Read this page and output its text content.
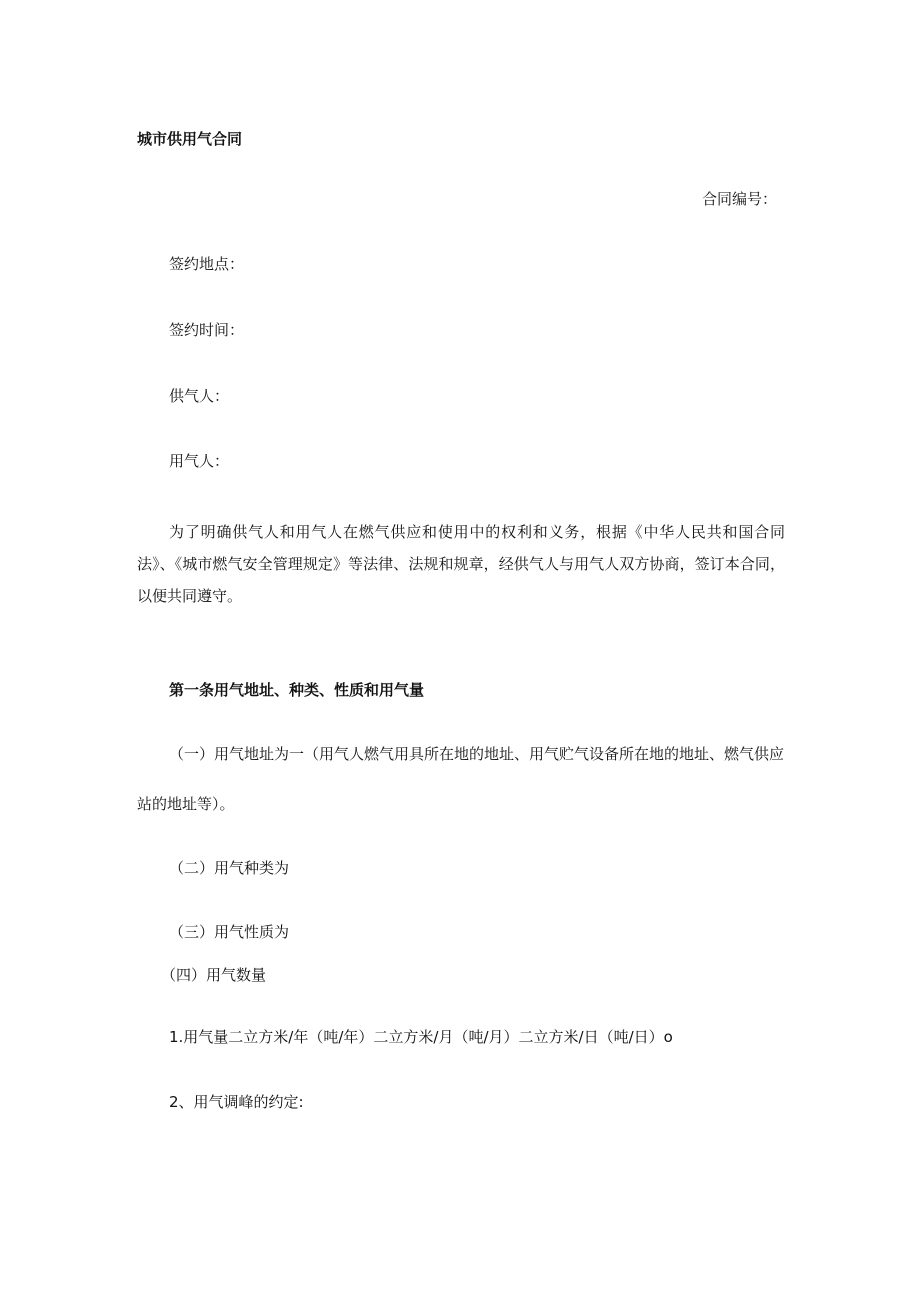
城市供用气合同
合同编号：
签约地点：
签约时间：
供气人：
用气人：
为了明确供气人和用气人在燃气供应和使用中的权利和义务，根据《中华人民共和国合同法》、《城市燃气安全管理规定》等法律、法规和规章，经供气人与用气人双方协商，签订本合同，以便共同遵守。
第一条用气地址、种类、性质和用气量
（一）用气地址为一（用气人燃气用具所在地的地址、用气贮气设备所在地的地址、燃气供应站的地址等）。
（二）用气种类为
（三）用气性质为
（四）用气数量
1.用气量二立方米/年（吨/年）二立方米/月（吨/月）二立方米/日（吨/日）o
2、用气调峰的约定:
